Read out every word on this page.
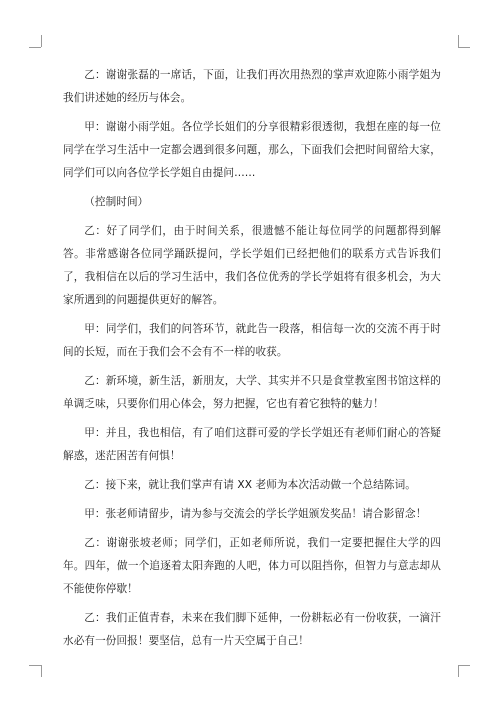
乙：谢谢张磊的一席话，下面，让我们再次用热烈的掌声欢迎陈小雨学姐为我们讲述她的经历与体会。

甲：谢谢小雨学姐。各位学长姐们的分享很精彩很透彻，我想在座的每一位同学在学习生活中一定都会遇到很多问题，那么，下面我们会把时间留给大家，同学们可以向各位学长学姐自由提问……

（控制时间）

乙：好了同学们，由于时间关系，很遗憾不能让每位同学的问题都得到解答。非常感谢各位同学踊跃提问，学长学姐们已经把他们的联系方式告诉我们了，我相信在以后的学习生活中，我们各位优秀的学长学姐将有很多机会，为大家所遇到的问题提供更好的解答。

甲：同学们，我们的问答环节，就此告一段落，相信每一次的交流不再于时间的长短，而在于我们会不会有不一样的收获。

乙：新环境，新生活，新朋友，大学、其实并不只是食堂教室图书馆这样的单调乏味，只要你们用心体会，努力把握，它也有着它独特的魅力！

甲：并且，我也相信，有了咱们这群可爱的学长学姐还有老师们耐心的答疑解惑，迷茫困苦有何惧！

乙：接下来，就让我们掌声有请 XX 老师为本次活动做一个总结陈词。

甲：张老师请留步，请为参与交流会的学长学姐颁发奖品！请合影留念！

乙：谢谢张坡老师；同学们，正如老师所说，我们一定要把握住大学的四年。四年，做一个追逐着太阳奔跑的人吧，体力可以阻挡你，但智力与意志却从不能使你停歇！

乙：我们正值青春，未来在我们脚下延伸，一份耕耘必有一份收获，一滴汗水必有一份回报！要坚信，总有一片天空属于自己！
